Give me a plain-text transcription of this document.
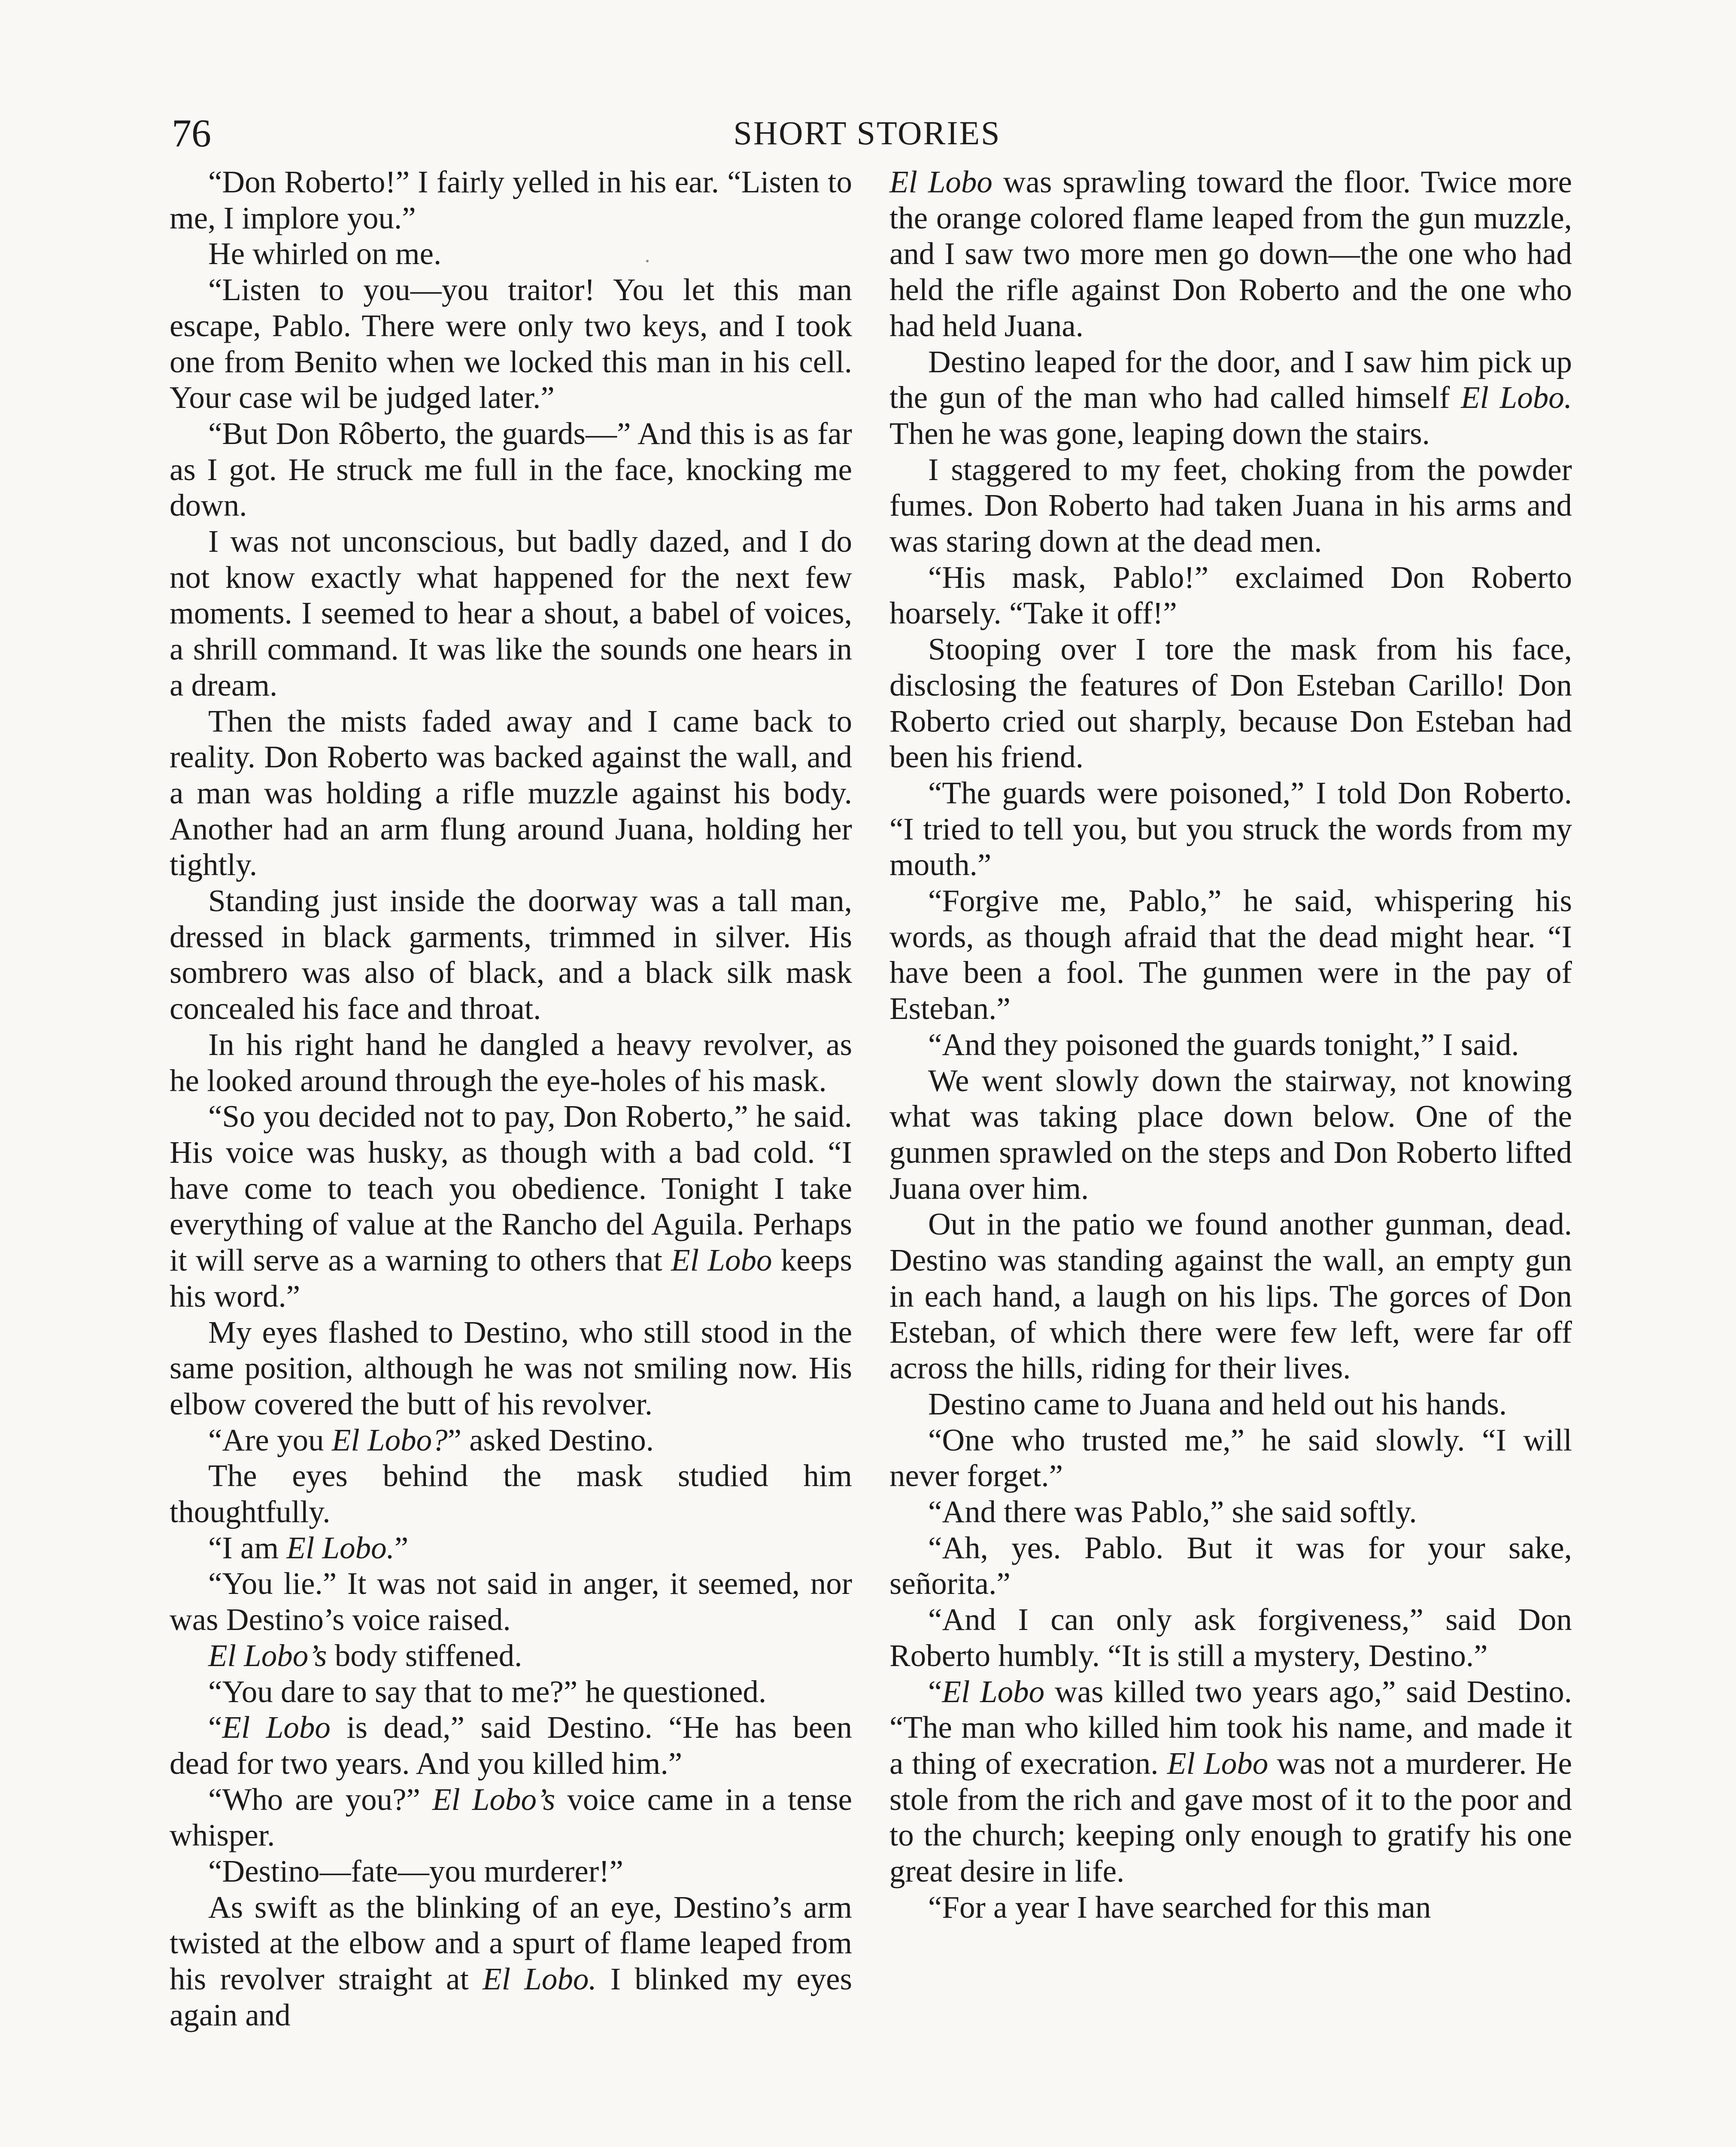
76	SHORT STORIES

“Don Roberto!” I fairly yelled in his ear. “Listen to me, I implore you.”

He whirled on me.

“Listen to you—you traitor! You let this man escape, Pablo. There were only two keys, and I took one from Benito when we locked this man in his cell. Your case wil be judged later.”

“But Don Rôberto, the guards—” And this is as far as I got. He struck me full in the face, knocking me down.

I was not unconscious, but badly dazed, and I do not know exactly what happened for the next few moments. I seemed to hear a shout, a babel of voices, a shrill command. It was like the sounds one hears in a dream.

Then the mists faded away and I came back to reality. Don Roberto was backed against the wall, and a man was holding a rifle muzzle against his body. Another had an arm flung around Juana, holding her tightly.

Standing just inside the doorway was a tall man, dressed in black garments, trimmed in silver. His sombrero was also of black, and a black silk mask concealed his face and throat.

In his right hand he dangled a heavy revolver, as he looked around through the eye-holes of his mask.

“So you decided not to pay, Don Roberto,” he said. His voice was husky, as though with a bad cold. “I have come to teach you obedience. Tonight I take everything of value at the Rancho del Aguila. Perhaps it will serve as a warning to others that El Lobo keeps his word.”

My eyes flashed to Destino, who still stood in the same position, although he was not smiling now. His elbow covered the butt of his revolver.

“Are you El Lobo?” asked Destino.

The eyes behind the mask studied him thoughtfully.

“I am El Lobo.”

“You lie.” It was not said in anger, it seemed, nor was Destino’s voice raised.

El Lobo’s body stiffened.

“You dare to say that to me?” he questioned.

“El Lobo is dead,” said Destino. “He has been dead for two years. And you killed him.”

“Who are you?” El Lobo’s voice came in a tense whisper.

“Destino—fate—you murderer!”

As swift as the blinking of an eye, Destino’s arm twisted at the elbow and a spurt of flame leaped from his revolver straight at El Lobo. I blinked my eyes again and

El Lobo was sprawling toward the floor. Twice more the orange colored flame leaped from the gun muzzle, and I saw two more men go down—the one who had held the rifle against Don Roberto and the one who had held Juana.

Destino leaped for the door, and I saw him pick up the gun of the man who had called himself El Lobo. Then he was gone, leaping down the stairs.

I staggered to my feet, choking from the powder fumes. Don Roberto had taken Juana in his arms and was staring down at the dead men.

“His mask, Pablo!” exclaimed Don Roberto hoarsely. “Take it off!”

Stooping over I tore the mask from his face, disclosing the features of Don Esteban Carillo! Don Roberto cried out sharply, because Don Esteban had been his friend.

“The guards were poisoned,” I told Don Roberto. “I tried to tell you, but you struck the words from my mouth.”

“Forgive me, Pablo,” he said, whispering his words, as though afraid that the dead might hear. “I have been a fool. The gunmen were in the pay of Esteban.”

“And they poisoned the guards tonight,” I said.

We went slowly down the stairway, not knowing what was taking place down below. One of the gunmen sprawled on the steps and Don Roberto lifted Juana over him.

Out in the patio we found another gunman, dead. Destino was standing against the wall, an empty gun in each hand, a laugh on his lips. The gorces of Don Esteban, of which there were few left, were far off across the hills, riding for their lives.

Destino came to Juana and held out his hands.

“One who trusted me,” he said slowly. “I will never forget.”

“And there was Pablo,” she said softly.

“Ah, yes. Pablo. But it was for your sake, señorita.”

“And I can only ask forgiveness,” said Don Roberto humbly. “It is still a mystery, Destino.”

“El Lobo was killed two years ago,” said Destino. “The man who killed him took his name, and made it a thing of execration. El Lobo was not a murderer. He stole from the rich and gave most of it to the poor and to the church; keeping only enough to gratify his one great desire in life.

“For a year I have searched for this man
